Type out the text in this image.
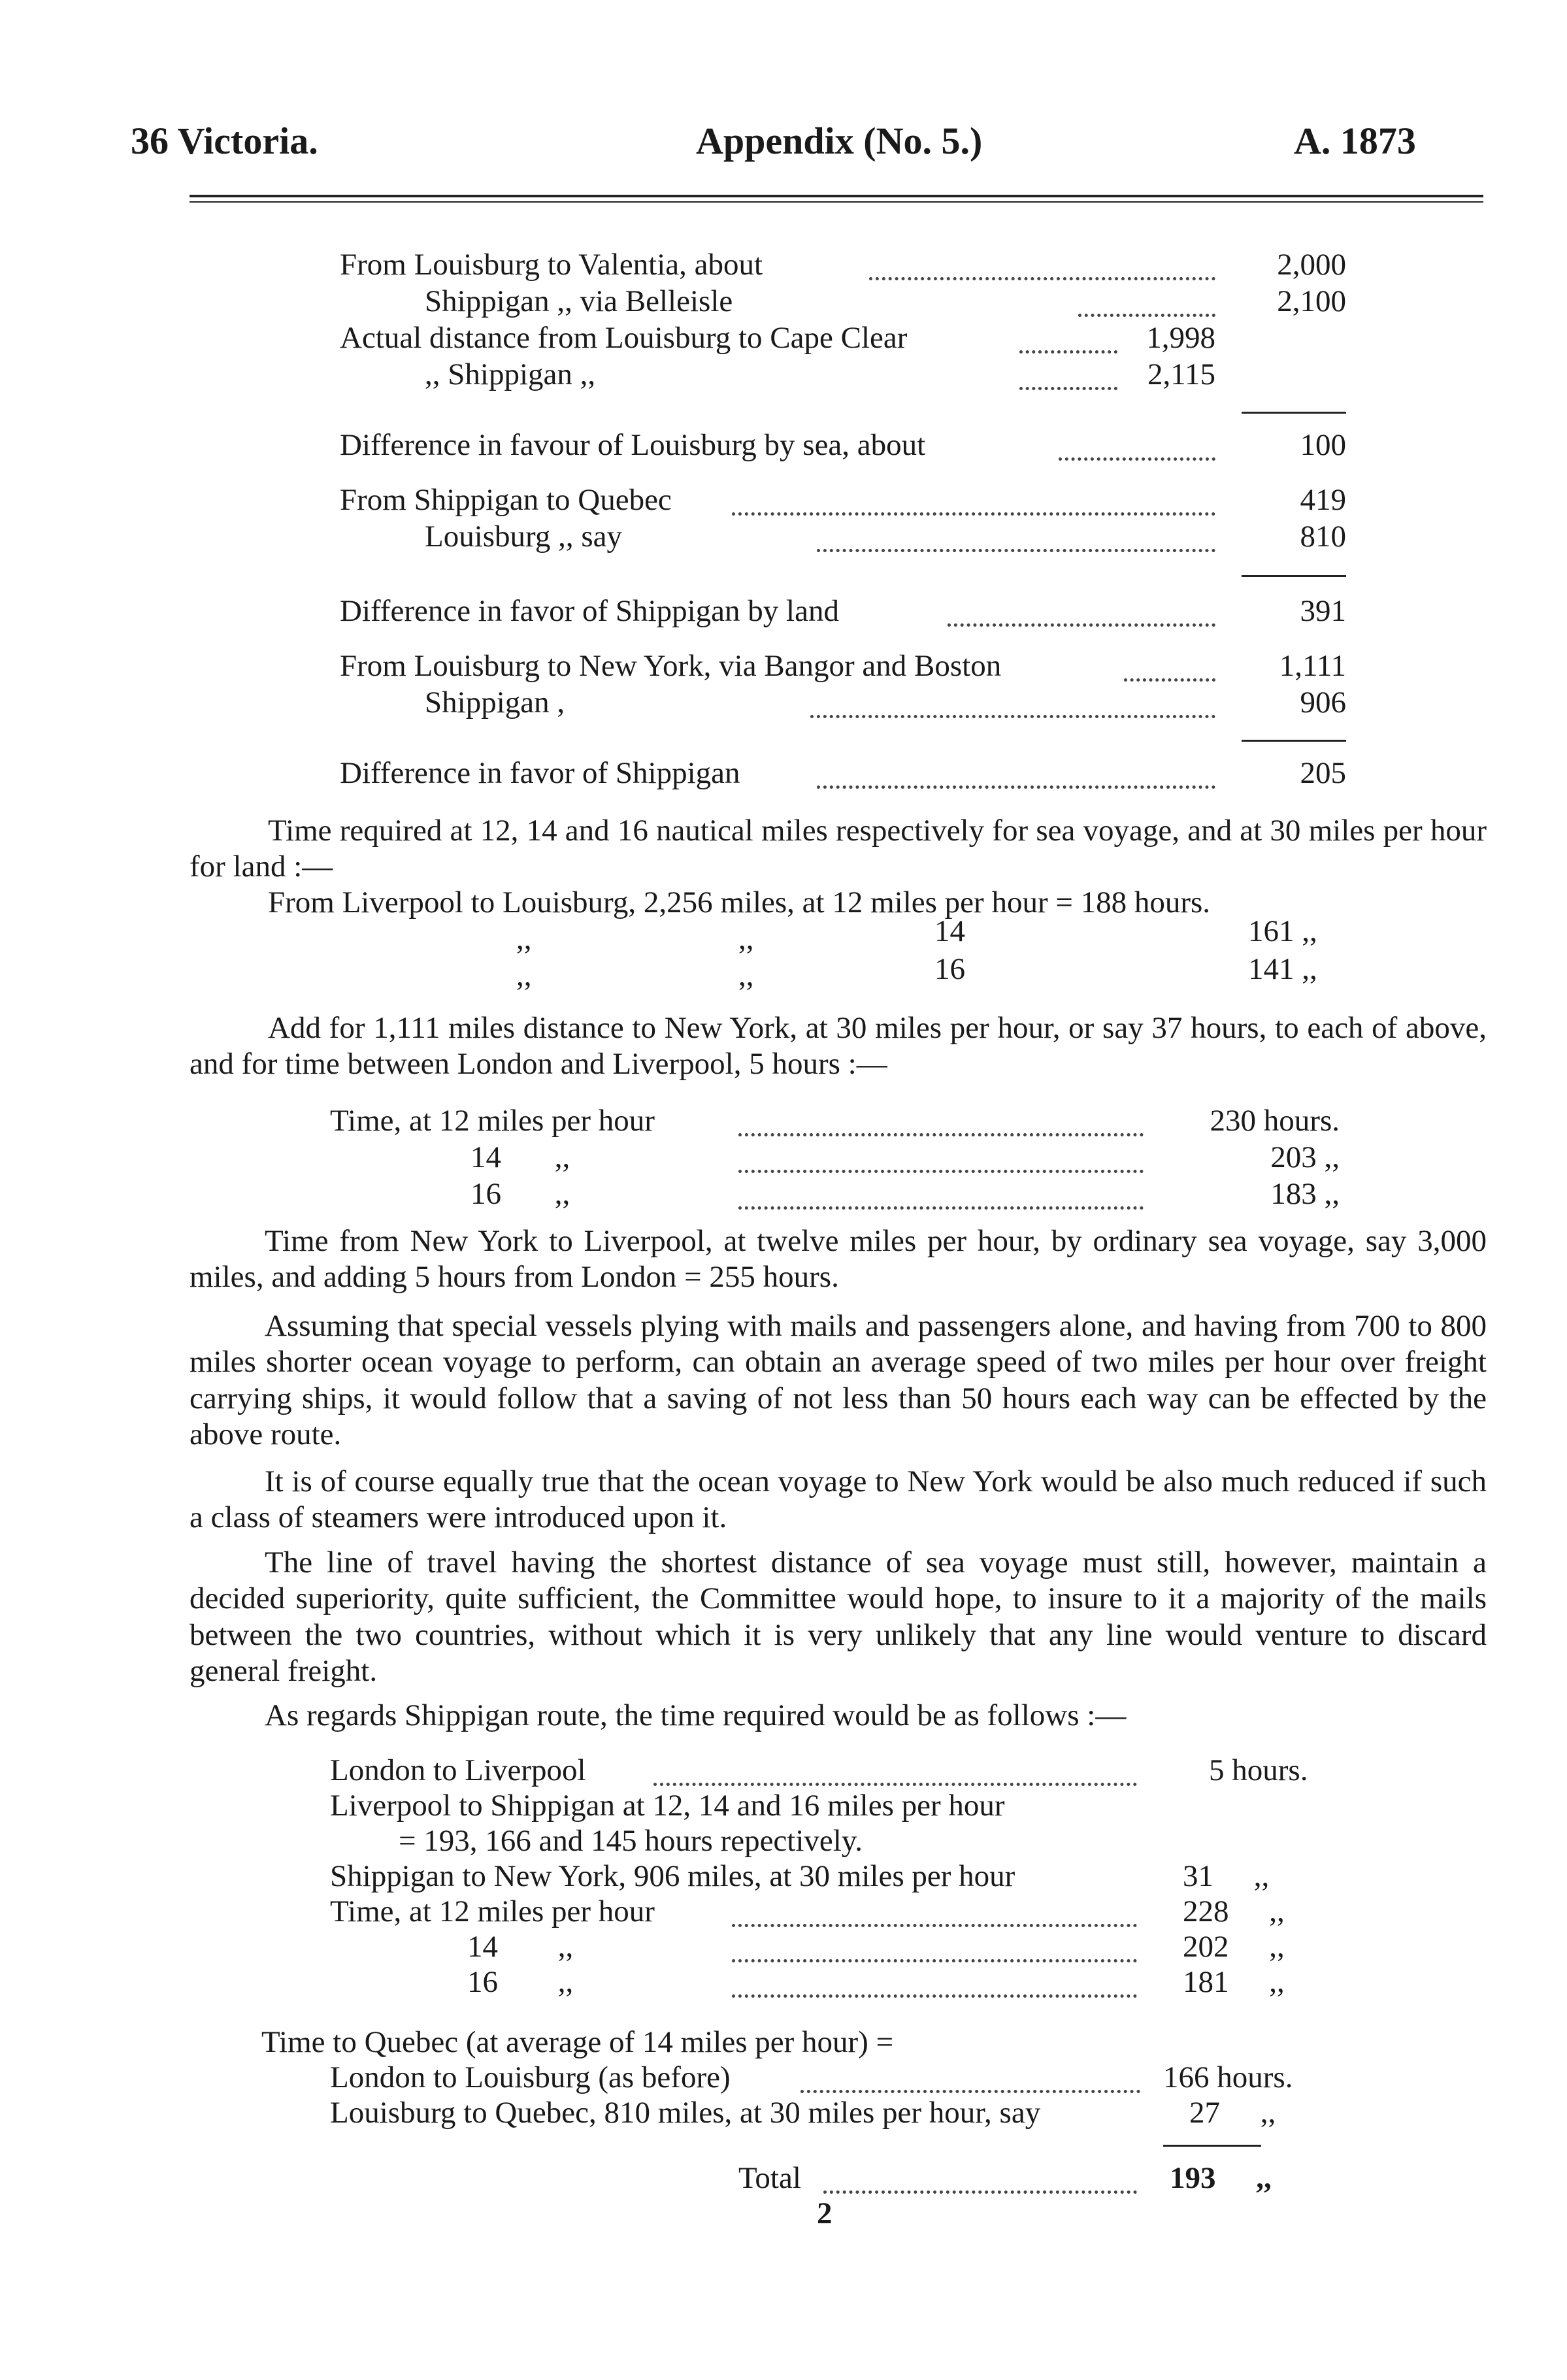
36 Victoria.	Appendix (No. 5.)	A. 1873
From Louisburg to Valentia, about	2,000
Shippigan ,, via Belleisle	2,100
Actual distance from Louisburg to Cape Clear	1,998
,, Shippigan ,,	2,115
Difference in favour of Louisburg by sea, about	100
From Shippigan to Quebec	419
Louisburg ,, say	810
Difference in favor of Shippigan by land	391
From Louisburg to New York, via Bangor and Boston	1,111
Shippigan ,	906
Difference in favor of Shippigan	205

Time required at 12, 14 and 16 nautical miles respectively for sea voyage, and at 30 miles per hour for land :—

From Liverpool to Louisburg, 2,256 miles, at 12 miles per hour = 188 hours.
,,	,,	14	161 ,,
,,	,,	16	141 ,,

Add for 1,111 miles distance to New York, at 30 miles per hour, or say 37 hours, to each of above, and for time between London and Liverpool, 5 hours :—

Time, at 12 miles per hour	230 hours.
14 ,,	203 ,,
16 ,,	183 ,,

Time from New York to Liverpool, at twelve miles per hour, by ordinary sea voyage, say 3,000 miles, and adding 5 hours from London = 255 hours.

Assuming that special vessels plying with mails and passengers alone, and having from 700 to 800 miles shorter ocean voyage to perform, can obtain an average speed of two miles per hour over freight carrying ships, it would follow that a saving of not less than 50 hours each way can be effected by the above route.

It is of course equally true that the ocean voyage to New York would be also much reduced if such a class of steamers were introduced upon it.

The line of travel having the shortest distance of sea voyage must still, however, maintain a decided superiority, quite sufficient, the Committee would hope, to insure to it a majority of the mails between the two countries, without which it is very unlikely that any line would venture to discard general freight.

As regards Shippigan route, the time required would be as follows :—

London to Liverpool	5 hours.
Liverpool to Shippigan at 12, 14 and 16 miles per hour
= 193, 166 and 145 hours repectively.
Shippigan to New York, 906 miles, at 30 miles per hour	31 ,,
Time, at 12 miles per hour	228 ,,
14 ,,	202 ,,
16 ,,	181 ,,
Time to Quebec (at average of 14 miles per hour) =
London to Louisburg (as before)	166 hours.
Louisburg to Quebec, 810 miles, at 30 miles per hour, say	27 ,,
Total	193 ,,
2
